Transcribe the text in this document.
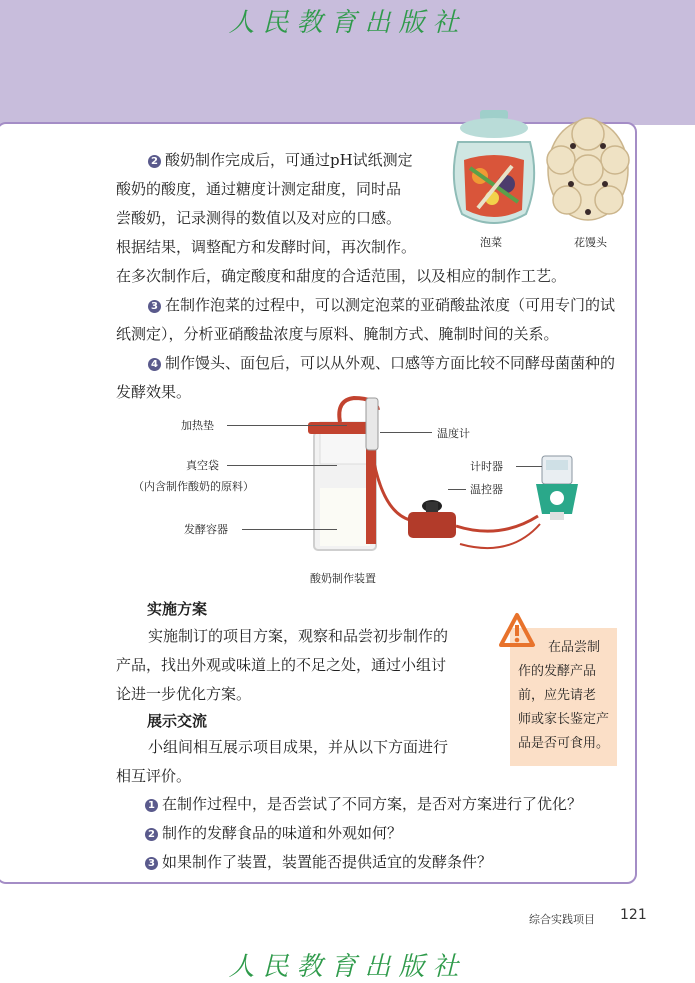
人民教育出版社
2 酸奶制作完成后，可通过pH试纸测定
酸奶的酸度，通过糖度计测定甜度，同时品
尝酸奶，记录测得的数值以及对应的口感。
根据结果，调整配方和发酵时间，再次制作。
在多次制作后，确定酸度和甜度的合适范围，以及相应的制作工艺。
3 在制作泡菜的过程中，可以测定泡菜的亚硝酸盐浓度（可用专门的试纸测定），分析亚硝酸盐浓度与原料、腌制方式、腌制时间的关系。
4 制作馒头、面包后，可以从外观、口感等方面比较不同酵母菌菌种的发酵效果。
泡菜	花馒头
加热垫
真空袋
（内含制作酸奶的原料）
发酵容器
温度计
计时器
温控器
酸奶制作装置
实施方案
实施制订的项目方案，观察和品尝初步制作的
产品，找出外观或味道上的不足之处，通过小组讨
论进一步优化方案。
展示交流
小组间相互展示项目成果，并从以下方面进行
相互评价。
1 在制作过程中，是否尝试了不同方案，是否对方案进行了优化？
2 制作的发酵食品的味道和外观如何？
3 如果制作了装置，装置能否提供适宜的发酵条件？
在品尝制
作的发酵产品
前，应先请老
师或家长鉴定产
品是否可食用。
综合实践项目 121
人民教育出版社
